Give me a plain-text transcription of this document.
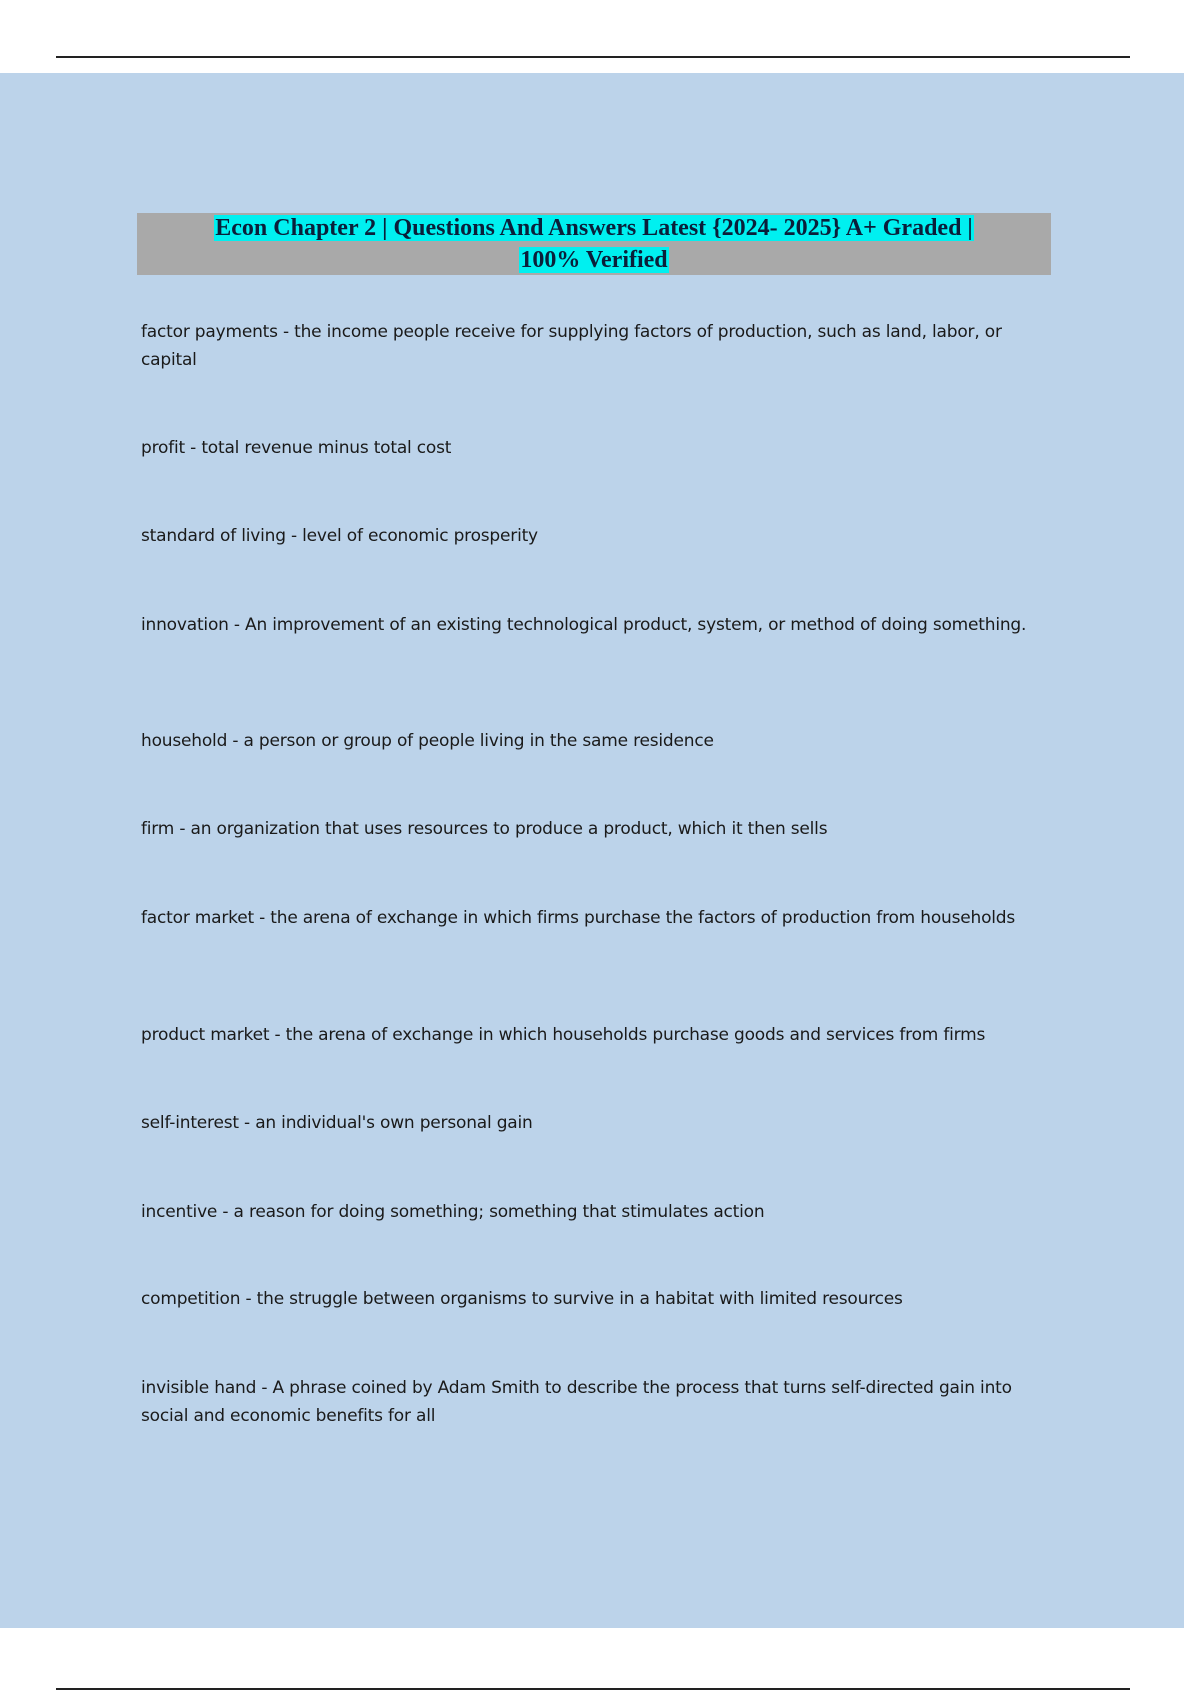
Econ Chapter 2 | Questions And Answers Latest {2024- 2025} A+ Graded |
100% Verified
factor payments - the income people receive for supplying factors of production, such as land, labor, or capital
profit - total revenue minus total cost
standard of living - level of economic prosperity
innovation - An improvement of an existing technological product, system, or method of doing something.
household - a person or group of people living in the same residence
firm - an organization that uses resources to produce a product, which it then sells
factor market - the arena of exchange in which firms purchase the factors of production from households
product market - the arena of exchange in which households purchase goods and services from firms
self-interest - an individual's own personal gain
incentive - a reason for doing something; something that stimulates action
competition - the struggle between organisms to survive in a habitat with limited resources
invisible hand - A phrase coined by Adam Smith to describe the process that turns self-directed gain into social and economic benefits for all
